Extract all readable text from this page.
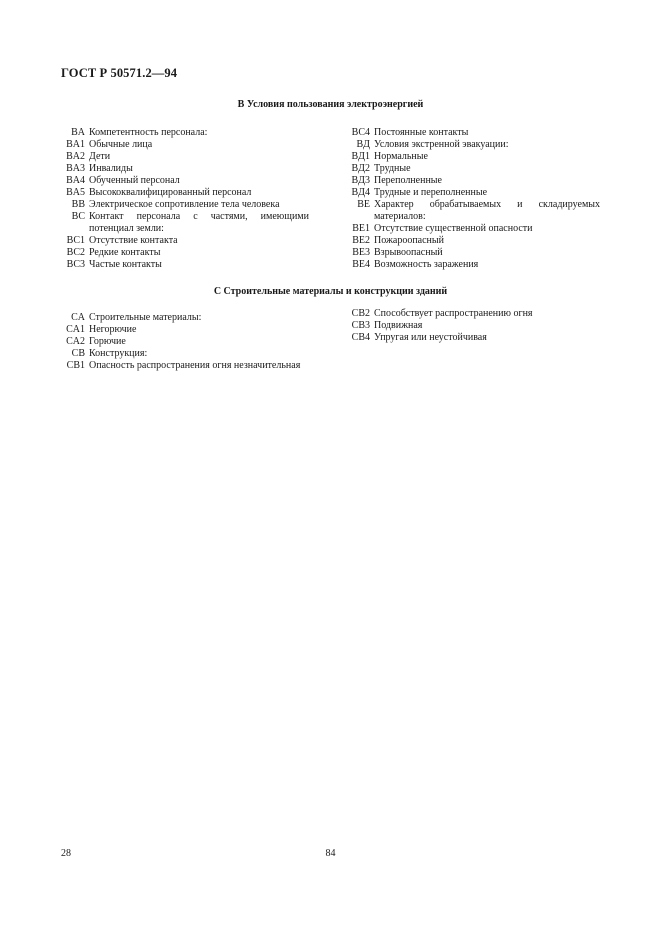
ГОСТ Р 50571.2—94
B Условия пользования электроэнергией
BA Компетентность персонала:
BA1 Обычные лица
BA2 Дети
BA3 Инвалиды
BA4 Обученный персонал
BA5 Высококвалифицированный персонал
BB Электрическое сопротивление тела человека
BC Контакт персонала с частями, имеющими потенциал земли:
BC1 Отсутствие контакта
BC2 Редкие контакты
BC3 Частые контакты
BC4 Постоянные контакты
BД Условия экстренной эвакуации:
BД1 Нормальные
BД2 Трудные
BД3 Переполненные
BД4 Трудные и переполненные
BE Характер обрабатываемых и складируемых материалов:
BE1 Отсутствие существенной опасности
BE2 Пожароопасный
BE3 Взрывоопасный
BE4 Возможность заражения
C Строительные материалы и конструкции зданий
CA Строительные материалы:
CA1 Негорючие
CA2 Горючие
CB Конструкция:
CB1 Опасность распространения огня незначительная
CB2 Способствует распространению огня
CB3 Подвижная
CB4 Упругая или неустойчивая
28	84
